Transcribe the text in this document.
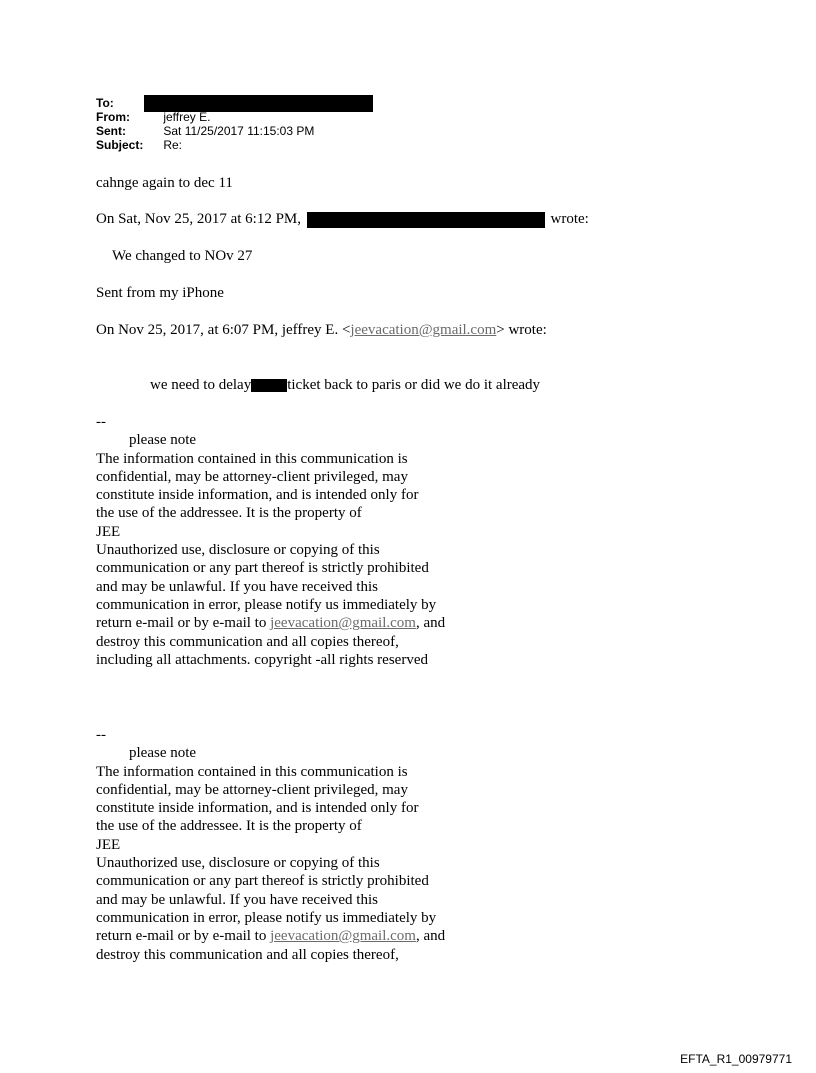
To:
From:	jeffrey E.
Sent:	Sat 11/25/2017 11:15:03 PM
Subject: Re:
cahnge again to dec 11
On Sat, Nov 25, 2017 at 6:12 PM,	wrote:
We changed to NOv 27
Sent from my iPhone
On Nov 25, 2017, at 6:07 PM, jeffrey E. <jeevacation@gmail.com> wrote:
we need to delay ticket back to paris or did we do it already
--
please note
The information contained in this communication is
confidential, may be attorney-client privileged, may
constitute inside information, and is intended only for
the use of the addressee. It is the property of
JEE
Unauthorized use, disclosure or copying of this
communication or any part thereof is strictly prohibited
and may be unlawful. If you have received this
communication in error, please notify us immediately by
return e-mail or by e-mail to jeevacation@gmail.com, and
destroy this communication and all copies thereof,
including all attachments. copyright -all rights reserved
--
please note
The information contained in this communication is
confidential, may be attorney-client privileged, may
constitute inside information, and is intended only for
the use of the addressee. It is the property of
JEE
Unauthorized use, disclosure or copying of this
communication or any part thereof is strictly prohibited
and may be unlawful. If you have received this
communication in error, please notify us immediately by
return e-mail or by e-mail to jeevacation@gmail.com, and
destroy this communication and all copies thereof,
EFTA_R1_00979771
